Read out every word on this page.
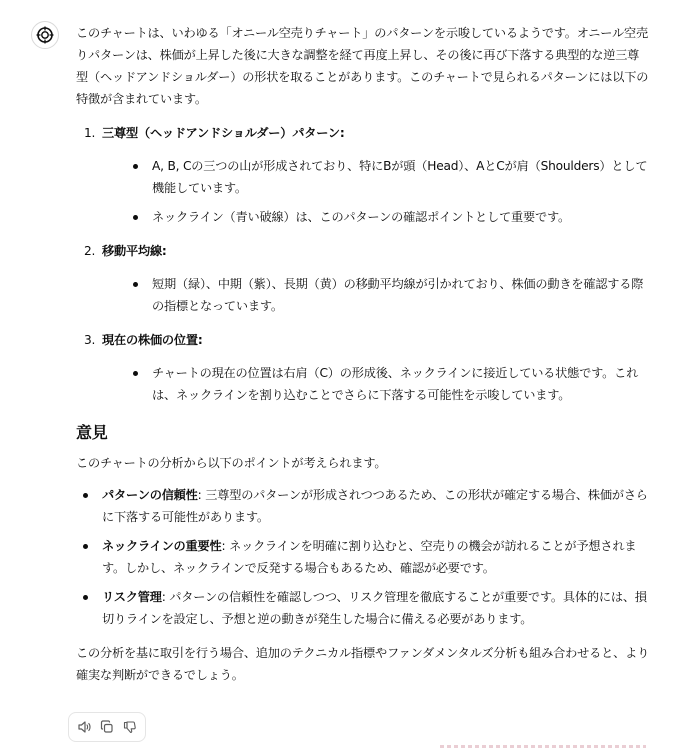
このチャートは、いわゆる「オニール空売りチャート」のパターンを示唆しているようです。オニール空売りパターンは、株価が上昇した後に大きな調整を経て再度上昇し、その後に再び下落する典型的な逆三尊型（ヘッドアンドショルダー）の形状を取ることがあります。このチャートで見られるパターンには以下の特徴が含まれています。

1. 三尊型（ヘッドアンドショルダー）パターン:
A, B, Cの三つの山が形成されており、特にBが頭（Head）、AとCが肩（Shoulders）として機能しています。
ネックライン（青い破線）は、このパターンの確認ポイントとして重要です。
2. 移動平均線:
短期（緑）、中期（紫）、長期（黄）の移動平均線が引かれており、株価の動きを確認する際の指標となっています。
3. 現在の株価の位置:
チャートの現在の位置は右肩（C）の形成後、ネックラインに接近している状態です。これは、ネックラインを割り込むことでさらに下落する可能性を示唆しています。
意見

このチャートの分析から以下のポイントが考えられます。

パターンの信頼性: 三尊型のパターンが形成されつつあるため、この形状が確定する場合、株価がさらに下落する可能性があります。
ネックラインの重要性: ネックラインを明確に割り込むと、空売りの機会が訪れることが予想されます。しかし、ネックラインで反発する場合もあるため、確認が必要です。
リスク管理: パターンの信頼性を確認しつつ、リスク管理を徹底することが重要です。具体的には、損切りラインを設定し、予想と逆の動きが発生した場合に備える必要があります。

この分析を基に取引を行う場合、追加のテクニカル指標やファンダメンタルズ分析も組み合わせると、より確実な判断ができるでしょう。
